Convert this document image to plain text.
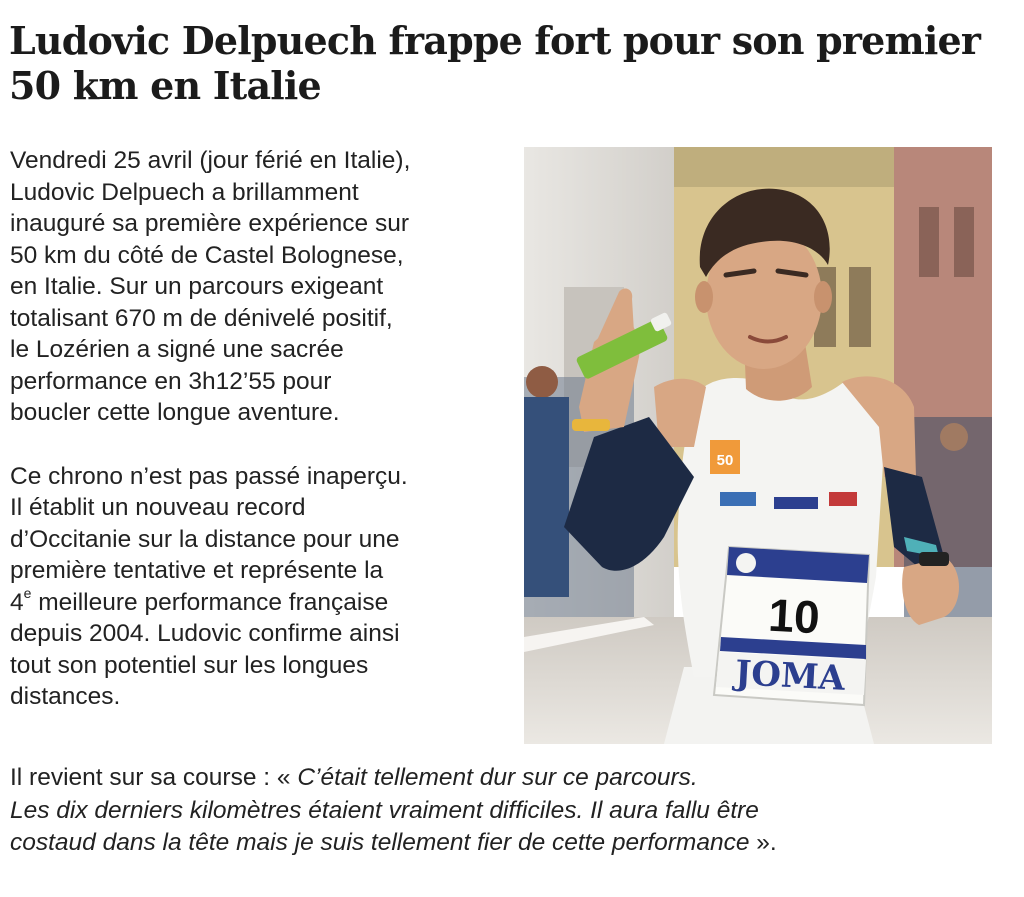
Ludovic Delpuech frappe fort pour son premier
50 km en Italie
Vendredi 25 avril (jour férié en Italie),
Ludovic Delpuech a brillamment
inauguré sa première expérience sur
50 km du côté de Castel Bolognese,
en Italie. Sur un parcours exigeant
totalisant 670 m de dénivelé positif,
le Lozérien a signé une sacrée
performance en 3h12’55 pour
boucler cette longue aventure.
Ce chrono n’est pas passé inaperçu.
Il établit un nouveau record
d’Occitanie sur la distance pour une
première tentative et représente la
4e meilleure performance française
depuis 2004. Ludovic confirme ainsi
tout son potentiel sur les longues
distances.
50
10
JOMA
Il revient sur sa course : « C’était tellement dur sur ce parcours.
Les dix derniers kilomètres étaient vraiment difficiles. Il aura fallu être
costaud dans la tête mais je suis tellement fier de cette performance ».
